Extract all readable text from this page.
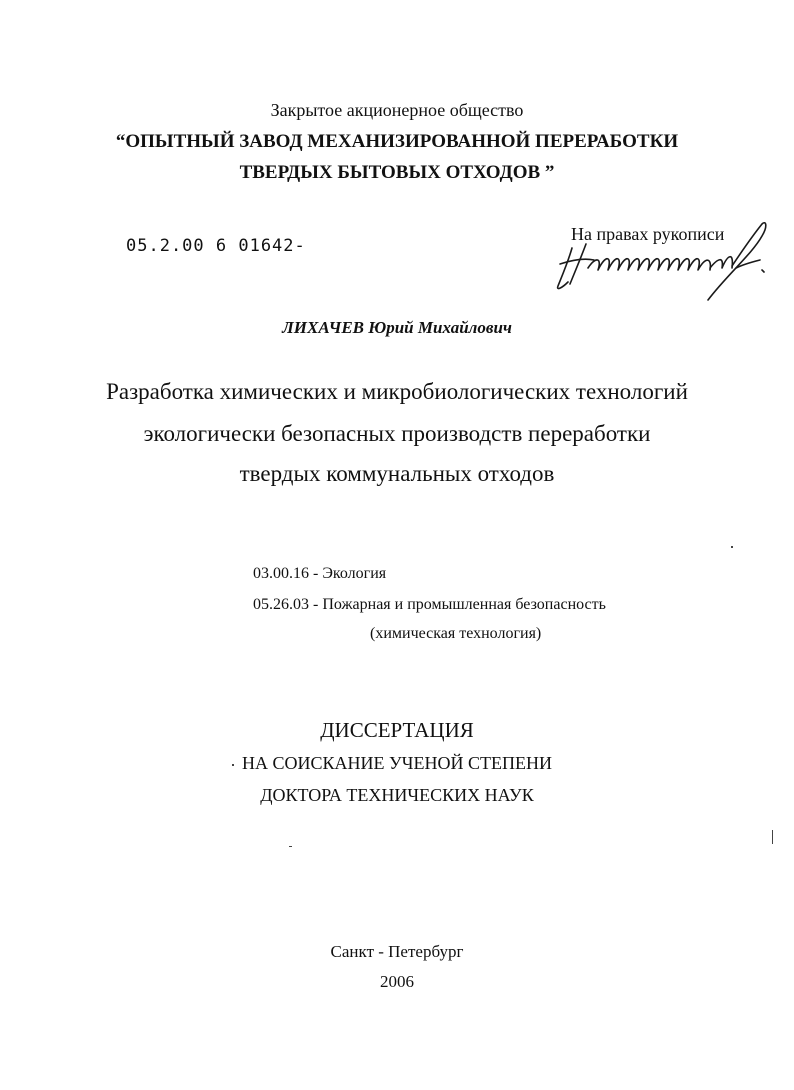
Закрытое акционерное общество
“ОПЫТНЫЙ ЗАВОД МЕХАНИЗИРОВАННОЙ ПЕРЕРАБОТКИ
ТВЕРДЫХ БЫТОВЫХ ОТХОДОВ ”
05.2.00 6 01642-
На правах рукописи
ЛИХАЧЕВ Юрий Михайлович
Разработка химических и микробиологических технологий
экологически безопасных производств переработки
твердых коммунальных отходов
03.00.16 - Экология
05.26.03 - Пожарная и промышленная безопасность
(химическая технология)
ДИССЕРТАЦИЯ
НА СОИСКАНИЕ УЧЕНОЙ СТЕПЕНИ
ДОКТОРА ТЕХНИЧЕСКИХ НАУК
Санкт - Петербург
2006
